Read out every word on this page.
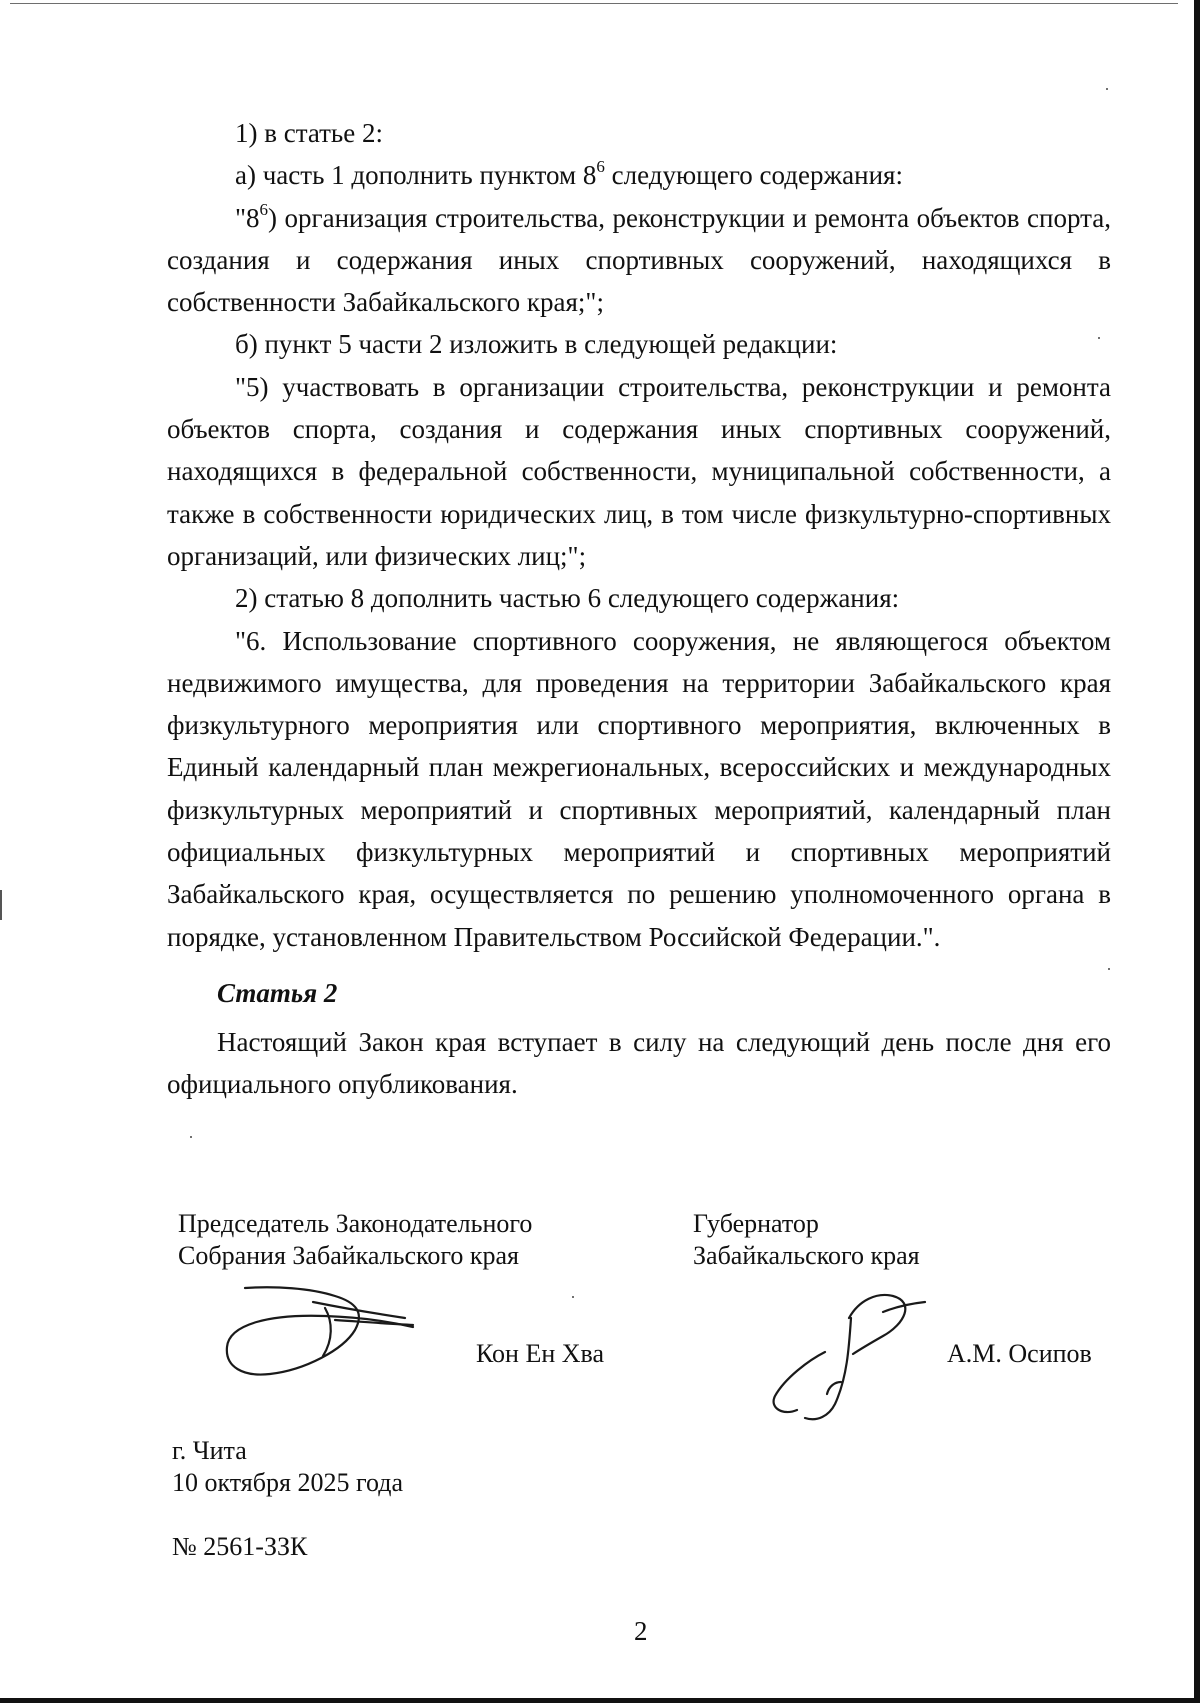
1) в статье 2:

а) часть 1 дополнить пунктом $8^6$ следующего содержания:

"$8^6$) организация строительства, реконструкции и ремонта объектов спорта, создания и содержания иных спортивных сооружений, находящихся в собственности Забайкальского края;";

б) пункт 5 части 2 изложить в следующей редакции:

"5) участвовать в организации строительства, реконструкции и ремонта объектов спорта, создания и содержания иных спортивных сооружений, находящихся в федеральной собственности, муниципальной собственности, а также в собственности юридических лиц, в том числе физкультурно-спортивных организаций, или физических лиц;";

2) статью 8 дополнить частью 6 следующего содержания:

"6. Использование спортивного сооружения, не являющегося объектом недвижимого имущества, для проведения на территории Забайкальского края физкультурного мероприятия или спортивного мероприятия, включенных в Единый календарный план межрегиональных, всероссийских и международных физкультурных мероприятий и спортивных мероприятий, календарный план официальных физкультурных мероприятий и спортивных мероприятий Забайкальского края, осуществляется по решению уполномоченного органа в порядке, установленном Правительством Российской Федерации.".

Статья 2

Настоящий Закон края вступает в силу на следующий день после дня его официального опубликования.

Председатель Законодательного
Собрания Забайкальского края
Губернатор
Забайкальского края
Кон Ен Хва	А.М. Осипов
г. Чита
10 октября 2025 года
№ 2561-ЗЗК
2
